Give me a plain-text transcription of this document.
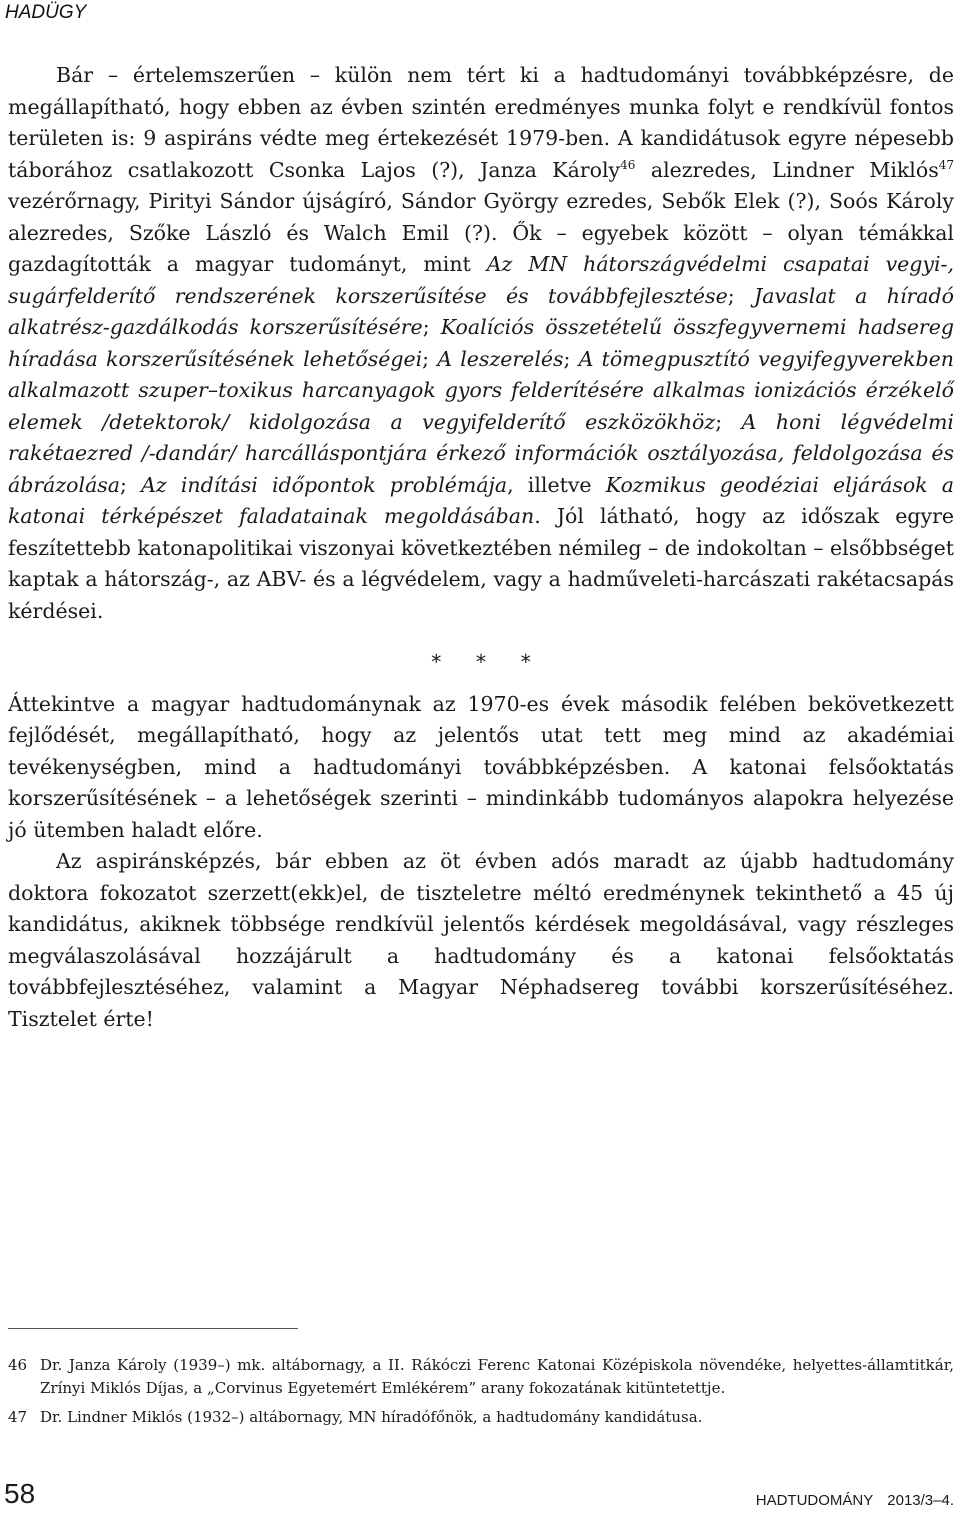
HADÜGY

Bár – értelemszerűen – külön nem tért ki a hadtudományi továbbképzésre, de megállapítható, hogy ebben az évben szintén eredményes munka folyt e rendkívül fontos területen is: 9 aspiráns védte meg értekezését 1979-ben. A kandidátusok egyre népesebb táborához csatlakozott Csonka Lajos (?), Janza Károly$^{46}$ alezredes, Lindner Miklós$^{47}$ vezérőrnagy, Pirityi Sándor újságíró, Sándor György ezredes, Sebők Elek (?), Soós Károly alezredes, Szőke László és Walch Emil (?). Ők – egyebek között – olyan témákkal gazdagították a magyar tudományt, mint Az MN hátországvédelmi csapatai vegyi-, sugárfelderítő rendszerének korszerűsítése és továbbfejlesztése; Javaslat a híradó alkatrész-gazdálkodás korszerűsítésére; Koalíciós összetételű összfegyvernemi hadsereg híradása korszerűsítésének lehetőségei; A leszerelés; A tömegpusztító vegyifegyverekben alkalmazott szuper–toxikus harcanyagok gyors felderítésére alkalmas ionizációs érzékelő elemek /detektorok/ kidolgozása a vegyifelderítő eszközökhöz; A honi légvédelmi rakétaezred /-dandár/ harcálláspontjára érkező információk osztályozása, feldolgozása és ábrázolása; Az indítási időpontok problémája, illetve Kozmikus geodéziai eljárások a katonai térképészet faladatainak megoldásában. Jól látható, hogy az időszak egyre feszítettebb katonapolitikai viszonyai következtében némileg – de indokoltan – elsőbbséget kaptak a hátország-, az ABV- és a légvédelem, vagy a hadműveleti-harcászati rakétacsapás kérdései.

* * *

Áttekintve a magyar hadtudománynak az 1970-es évek második felében bekövetkezett fejlődését, megállapítható, hogy az jelentős utat tett meg mind az akadémiai tevékenységben, mind a hadtudományi továbbképzésben. A katonai felsőoktatás korszerűsítésének – a lehetőségek szerinti – mindinkább tudományos alapokra helyezése jó ütemben haladt előre.

Az aspiránsképzés, bár ebben az öt évben adós maradt az újabb hadtudomány doktora fokozatot szerzett(ekk)el, de tiszteletre méltó eredménynek tekinthető a 45 új kandidátus, akiknek többsége rendkívül jelentős kérdések megoldásával, vagy részleges megválaszolásával hozzájárult a hadtudomány és a katonai felsőoktatás továbbfejlesztéséhez, valamint a Magyar Néphadsereg további korszerűsítéséhez. Tisztelet érte!

46 Dr. Janza Károly (1939–) mk. altábornagy, a II. Rákóczi Ferenc Katonai Középiskola növendéke, helyettes-államtitkár, Zrínyi Miklós Díjas, a „Corvinus Egyetemért Emlékérem” arany fokozatának kitüntetettje.
47 Dr. Lindner Miklós (1932–) altábornagy, MN híradófőnök, a hadtudomány kandidátusa.
58	HADTUDOMÁNY 2013/3–4.
